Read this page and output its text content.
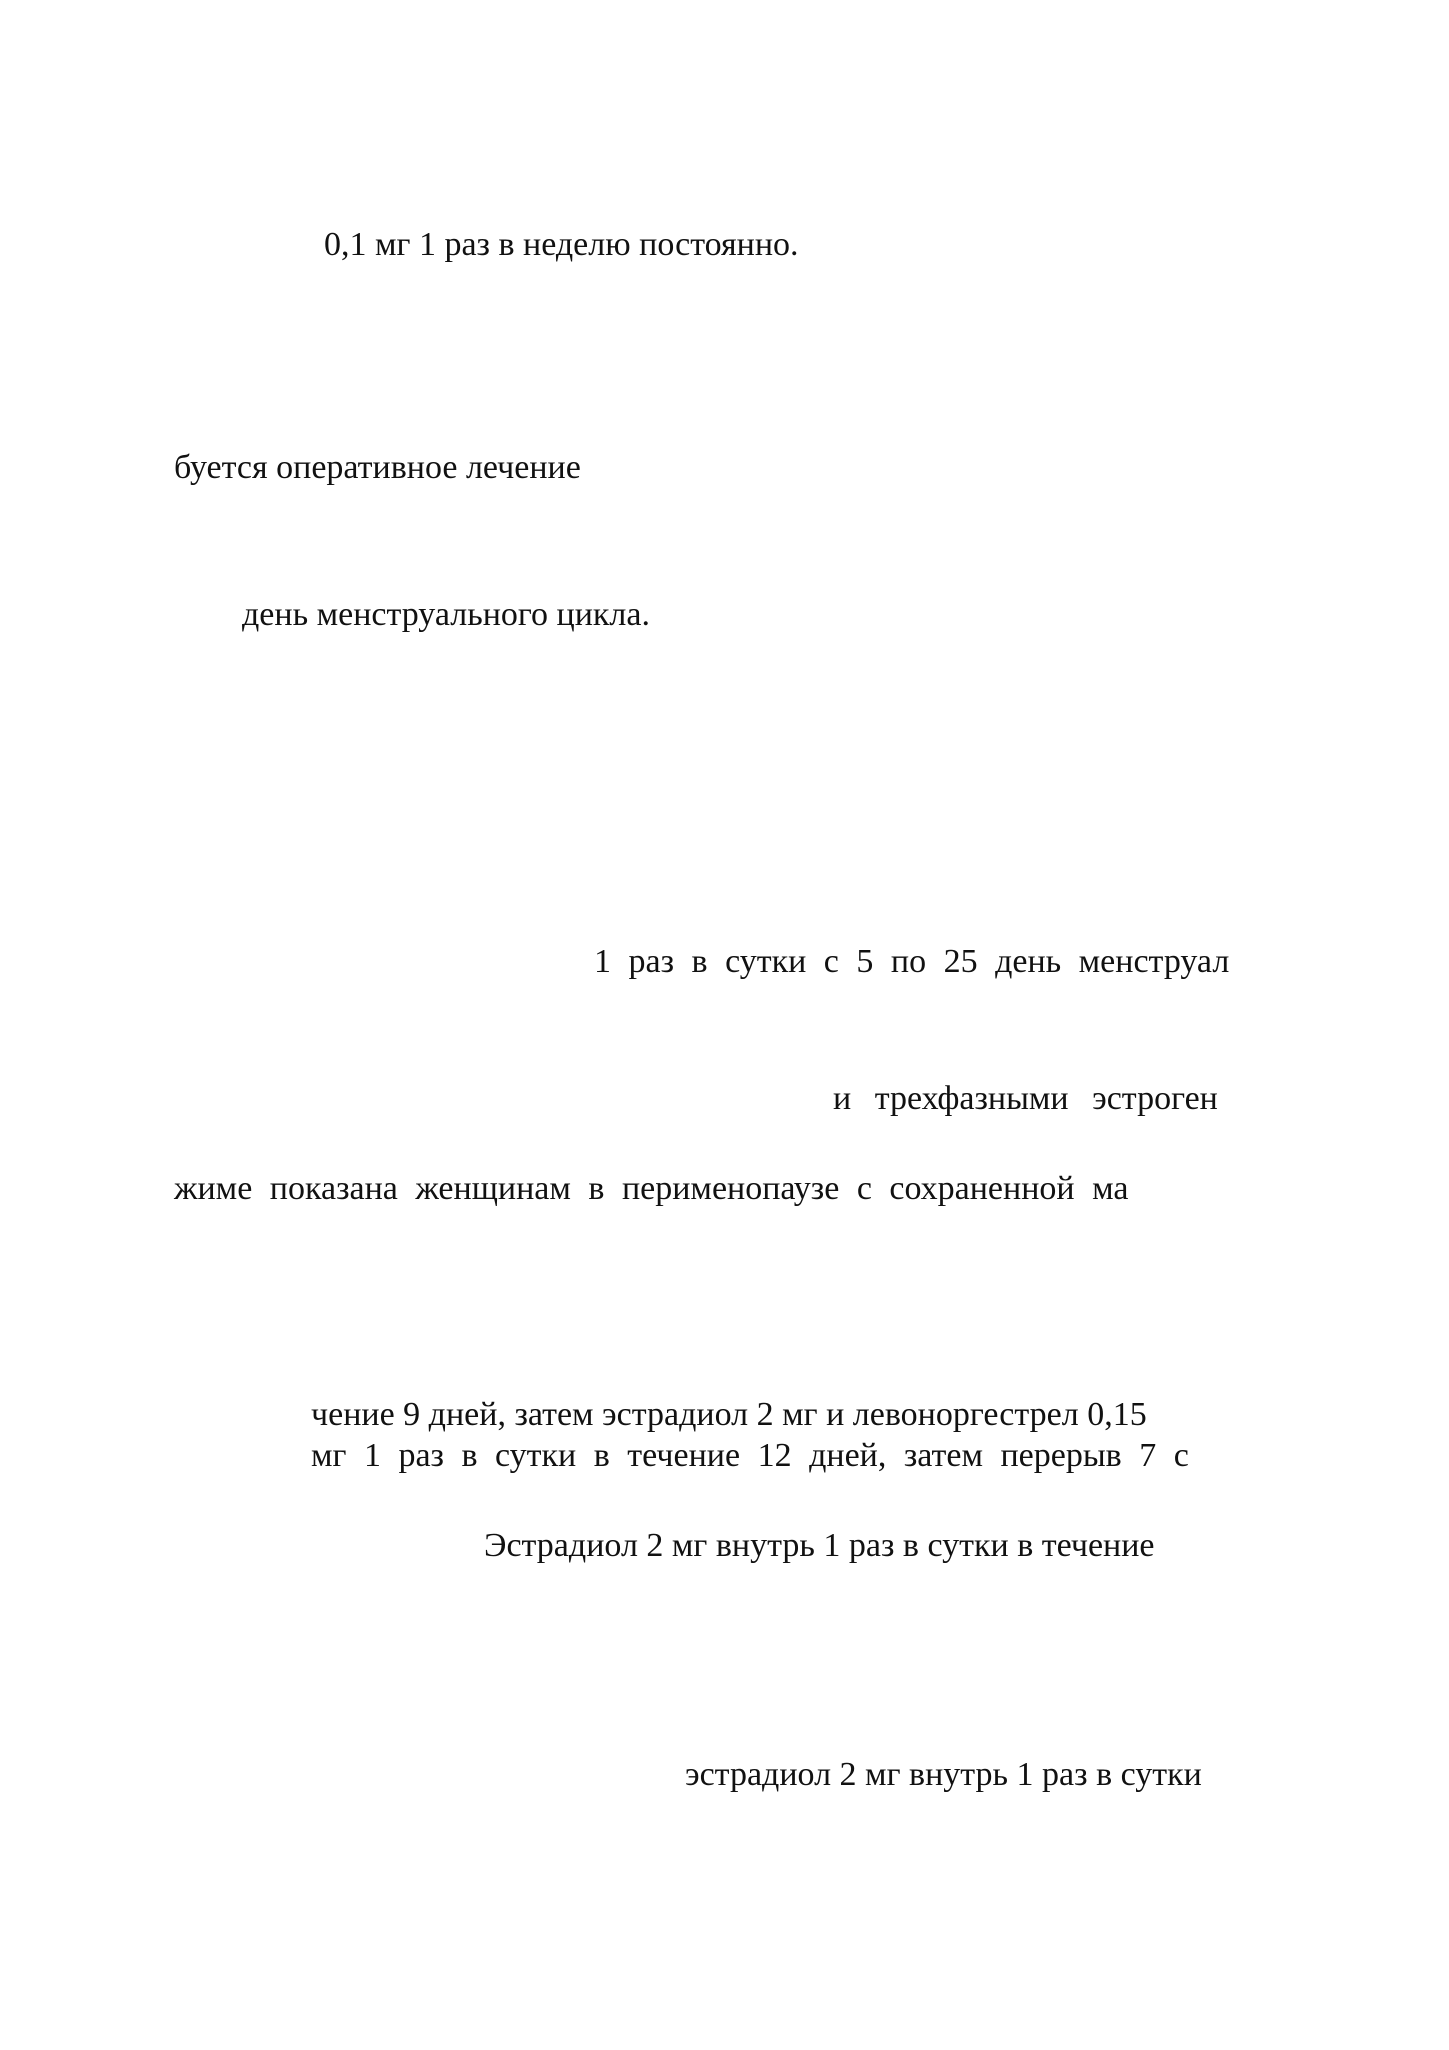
0,1 мг 1 раз в неделю постоянно.

буется оперативное лечение

день менструального цикла.

1 раз в сутки с 5 по 25 день менструал

и трехфазными эстроген

жиме показана женщинам в перименопаузе с сохраненной ма

чение 9 дней, затем эстрадиол 2 мг и левоноргестрел 0,15

мг 1 раз в сутки в течение 12 дней, затем перерыв 7 с

Эстрадиол 2 мг внутрь 1 раз в сутки в течение

эстрадиол 2 мг внутрь 1 раз в сутки
